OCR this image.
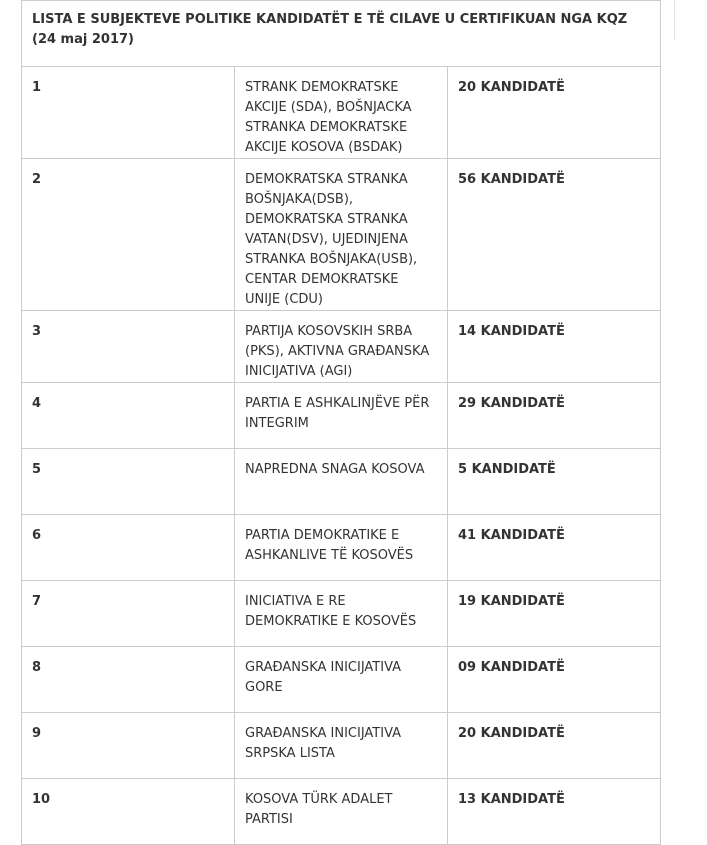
LISTA E SUBJEKTEVE POLITIKE KANDIDATËT E TË CILAVE U CERTIFIKUAN NGA KQZ (24 maj 2017)		

1	STRANK DEMOKRATSKE AKCIJE (SDA), BOŠNJACKA STRANKA DEMOKRATSKE AKCIJE KOSOVA (BSDAK)	20 KANDIDATË

2	DEMOKRATSKA STRANKA BOŠNJAKA(DSB), DEMOKRATSKA STRANKA VATAN(DSV), UJEDINJENA STRANKA BOŠNJAKA(USB), CENTAR DEMOKRATSKE UNIJE (CDU)	56 KANDIDATË

3	PARTIJA KOSOVSKIH SRBA (PKS), AKTIVNA GRAĐANSKA INICIJATIVA (AGI)	14 KANDIDATË

4	PARTIA E ASHKALINJËVE PËR INTEGRIM	29 KANDIDATË

5	NAPREDNA SNAGA KOSOVA	5 KANDIDATË

6	PARTIA DEMOKRATIKE E ASHKANLIVE TË KOSOVËS	41 KANDIDATË

7	INICIATIVA E RE DEMOKRATIKE E KOSOVËS	19 KANDIDATË

8	GRAĐANSKA INICIJATIVA GORE	09 KANDIDATË

9	GRAĐANSKA INICIJATIVA SRPSKA LISTA	20 KANDIDATË

10	KOSOVA TÜRK ADALET PARTISI	13 KANDIDATË
